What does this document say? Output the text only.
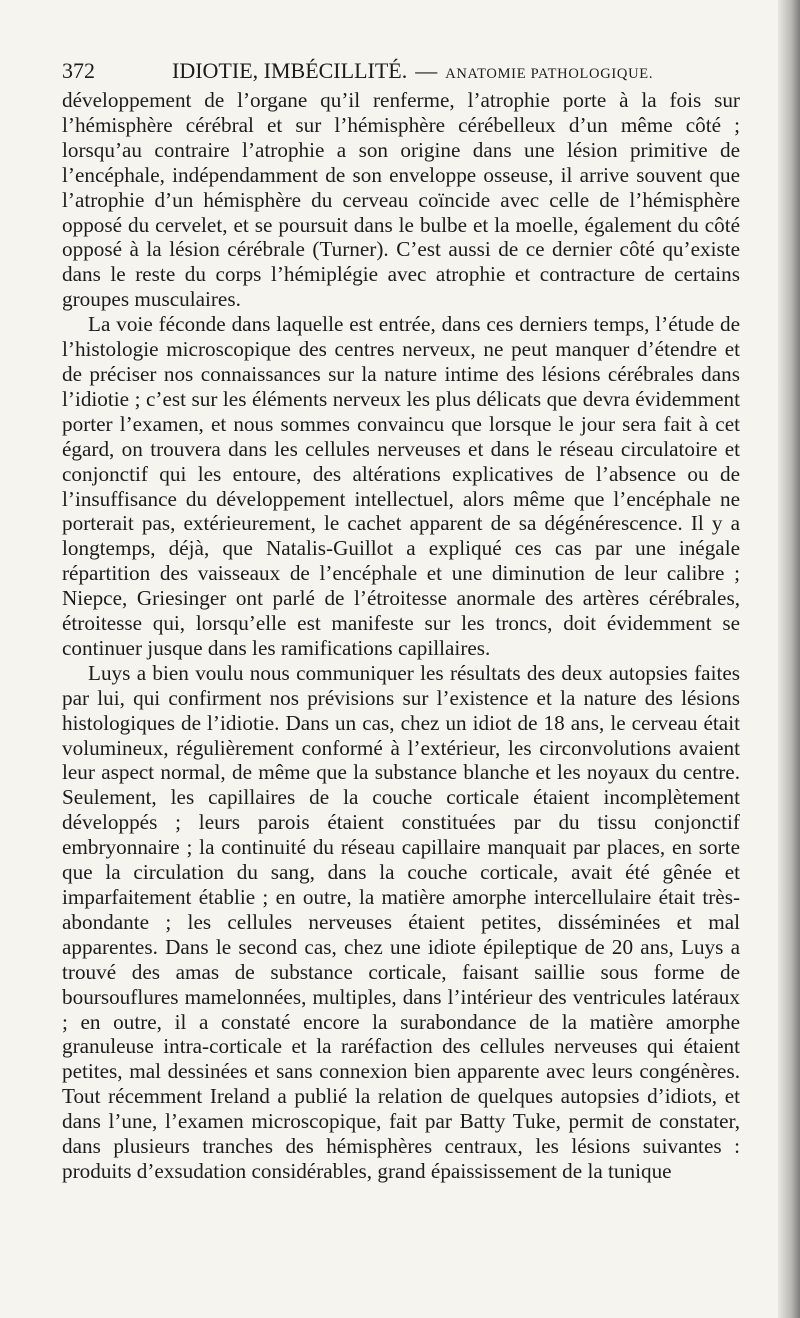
372	IDIOTIE, IMBÉCILLITÉ. — ANATOMIE PATHOLOGIQUE.

développement de l’organe qu’il renferme, l’atrophie porte à la fois sur l’hémisphère cérébral et sur l’hémisphère cérébelleux d’un même côté ; lorsqu’au contraire l’atrophie a son origine dans une lésion primitive de l’encéphale, indépendamment de son enveloppe osseuse, il arrive souvent que l’atrophie d’un hémisphère du cerveau coïncide avec celle de l’hémisphère opposé du cervelet, et se poursuit dans le bulbe et la moelle, également du côté opposé à la lésion cérébrale (Turner). C’est aussi de ce dernier côté qu’existe dans le reste du corps l’hémiplégie avec atrophie et contracture de certains groupes musculaires.

La voie féconde dans laquelle est entrée, dans ces derniers temps, l’étude de l’histologie microscopique des centres nerveux, ne peut manquer d’étendre et de préciser nos connaissances sur la nature intime des lésions cérébrales dans l’idiotie ; c’est sur les éléments nerveux les plus délicats que devra évidemment porter l’examen, et nous sommes convaincu que lorsque le jour sera fait à cet égard, on trouvera dans les cellules nerveuses et dans le réseau circulatoire et conjonctif qui les entoure, des altérations explicatives de l’absence ou de l’insuffisance du développement intellectuel, alors même que l’encéphale ne porterait pas, extérieurement, le cachet apparent de sa dégénérescence. Il y a longtemps, déjà, que Natalis-Guillot a expliqué ces cas par une inégale répartition des vaisseaux de l’encéphale et une diminution de leur calibre ; Niepce, Griesinger ont parlé de l’étroitesse anormale des artères cérébrales, étroitesse qui, lorsqu’elle est manifeste sur les troncs, doit évidemment se continuer jusque dans les ramifications capillaires.

Luys a bien voulu nous communiquer les résultats des deux autopsies faites par lui, qui confirment nos prévisions sur l’existence et la nature des lésions histologiques de l’idiotie. Dans un cas, chez un idiot de 18 ans, le cerveau était volumineux, régulièrement conformé à l’extérieur, les circonvolutions avaient leur aspect normal, de même que la substance blanche et les noyaux du centre. Seulement, les capillaires de la couche corticale étaient incomplètement développés ; leurs parois étaient constituées par du tissu conjonctif embryonnaire ; la continuité du réseau capillaire manquait par places, en sorte que la circulation du sang, dans la couche corticale, avait été gênée et imparfaitement établie ; en outre, la matière amorphe intercellulaire était très-abondante ; les cellules nerveuses étaient petites, disséminées et mal apparentes. Dans le second cas, chez une idiote épileptique de 20 ans, Luys a trouvé des amas de substance corticale, faisant saillie sous forme de boursouflures mamelonnées, multiples, dans l’intérieur des ventricules latéraux ; en outre, il a constaté encore la surabondance de la matière amorphe granuleuse intra-corticale et la raréfaction des cellules nerveuses qui étaient petites, mal dessinées et sans connexion bien apparente avec leurs congénères. Tout récemment Ireland a publié la relation de quelques autopsies d’idiots, et dans l’une, l’examen microscopique, fait par Batty Tuke, permit de constater, dans plusieurs tranches des hémisphères centraux, les lésions suivantes : produits d’exsudation considérables, grand épaississement de la tunique
